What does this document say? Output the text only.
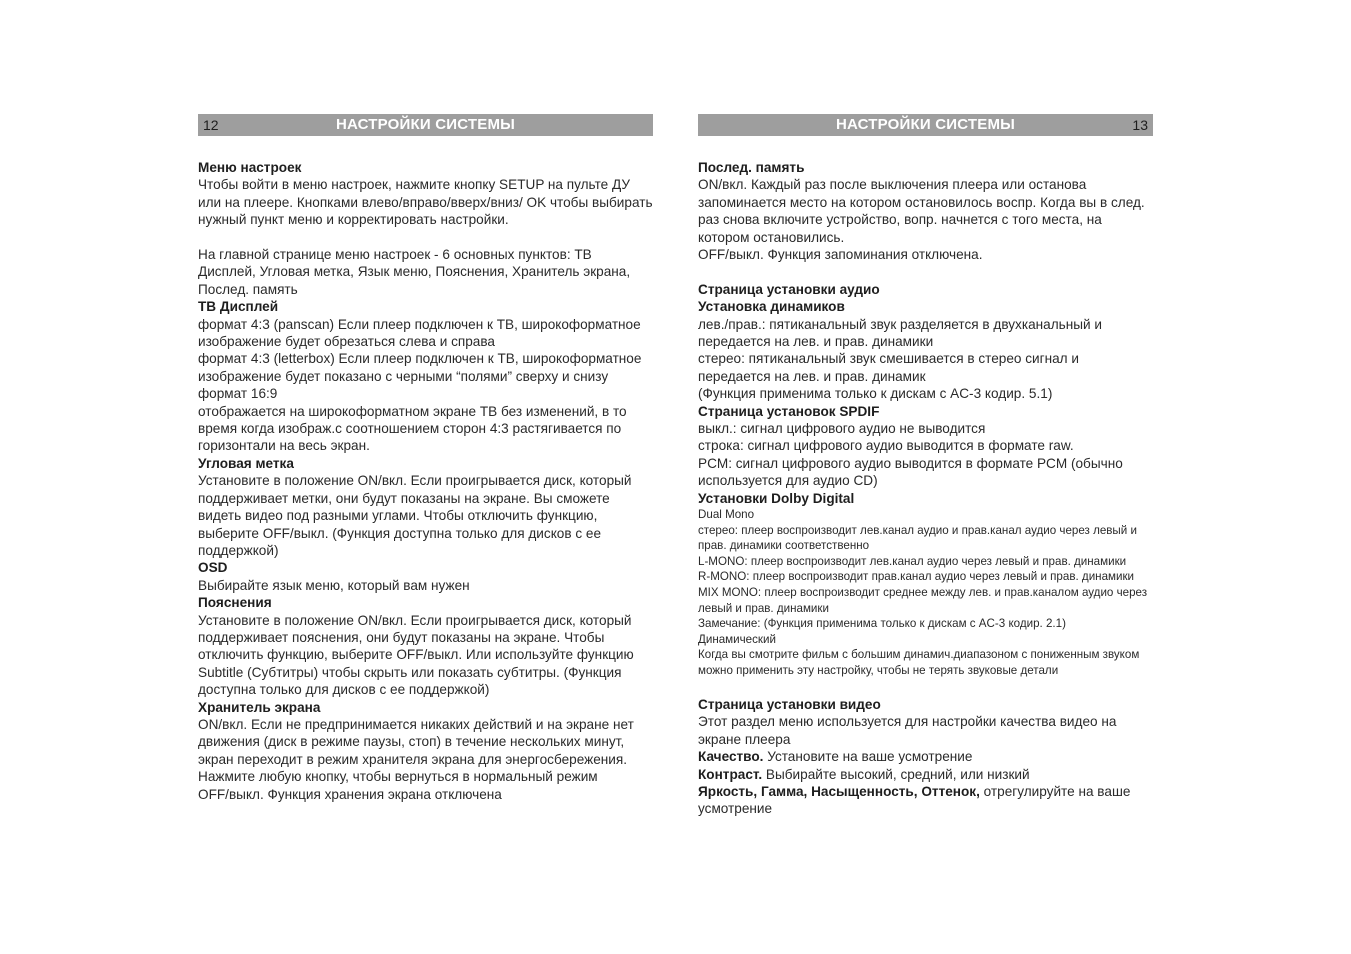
12	НАСТРОЙКИ СИСТЕМЫ
Меню настроек

Чтобы войти в меню настроек, нажмите кнопку SETUP на пульте ДУ или на плеере. Кнопками влево/вправо/вверх/вниз/ OK чтобы выбирать нужный пункт меню и корректировать настройки.

На главной странице меню настроек - 6 основных пунктов: ТВ Дисплей, Угловая метка, Язык меню, Пояснения, Хранитель экрана, Послед. память

ТВ Дисплей

формат 4:3 (panscan) Если плеер подключен к ТВ, широкоформатное изображение будет обрезаться слева и справа

формат 4:3 (letterbox) Если плеер подключен к ТВ, широкоформатное изображение будет показано с черными “полями” сверху и снизу

формат 16:9

отображается на широкоформатном экране ТВ без изменений, в то время когда изображ.с соотношением сторон 4:3 растягивается по горизонтали на весь экран.

Угловая метка

Установите в положение ON/вкл. Если проигрывается диск, который поддерживает метки, они будут показаны на экране. Вы сможете видеть видео под разными углами. Чтобы отключить функцию, выберите OFF/выкл. (Функция доступна только для дисков с ее поддержкой)

OSD

Выбирайте язык меню, который вам нужен

Пояснения

Установите в положение ON/вкл. Если проигрывается диск, который поддерживает пояснения, они будут показаны на экране. Чтобы отключить функцию, выберите OFF/выкл. Или используйте функцию Subtitle (Субтитры) чтобы скрыть или показать субтитры. (Функция доступна только для дисков с ее поддержкой)

Хранитель экрана

ON/вкл. Если не предпринимается никаких действий и на экране нет движения (диск в режиме паузы, стоп) в течение нескольких минут, экран переходит в режим хранителя экрана для энергосбережения. Нажмите любую кнопку, чтобы вернуться в нормальный режим

OFF/выкл. Функция хранения экрана отключена

НАСТРОЙКИ СИСТЕМЫ	13
Послед. память

ON/вкл. Каждый раз после выключения плеера или останова запоминается место на котором остановилось воспр. Когда вы в след. раз снова включите устройство, вопр. начнется с того места, на котором остановились.

OFF/выкл. Функция запоминания отключена.

Страница установки аудио
Установка динамиков

лев./прав.: пятиканальный звук разделяется в двухканальный и передается на лев. и прав. динамики

стерео: пятиканальный звук смешивается в стерео сигнал и передается на лев. и прав. динамик

(Функция применима только к дискам с AC-3 кодир. 5.1)

Страница установок SPDIF

выкл.: сигнал цифрового аудио не выводится

строка: сигнал цифрового аудио выводится в формате raw.

PCM: сигнал цифрового аудио выводится в формате PCM (обычно используется для аудио CD)

Установки Dolby Digital

Dual Mono

стерео: плеер воспроизводит лев.канал аудио и прав.канал аудио через левый и прав. динамики соответственно

L-MONO: плеер воспроизводит лев.канал аудио через левый и прав. динамики

R-MONO: плеер воспроизводит прав.канал аудио через левый и прав. динамики

MIX MONO: плеер воспроизводит среднее между лев. и прав.каналом аудио через левый и прав. динамики

Замечание: (Функция применима только к дискам с AC-3 кодир. 2.1)

Динамический

Когда вы смотрите фильм с большим динамич.диапазоном с пониженным звуком можно применить эту настройку, чтобы не терять звуковые детали

Страница установки видео

Этот раздел меню используется для настройки качества видео на экране плеера

Качество. Установите на ваше усмотрение

Контраст. Выбирайте высокий, средний, или низкий

Яркость, Гамма, Насыщенность, Оттенок, отрегулируйте на ваше усмотрение
